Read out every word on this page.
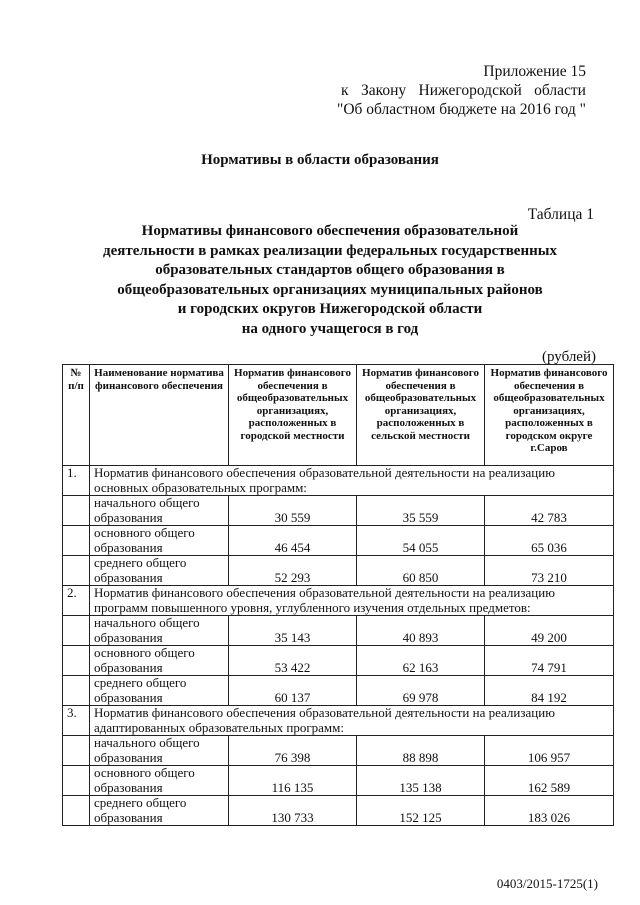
Приложение 15
к Закону Нижегородской области
"Об областном бюджете на 2016 год "
Нормативы в области образования
Таблица 1
Нормативы финансового обеспечения образовательной
деятельности в рамках реализации федеральных государственных
образовательных стандартов общего образования в
общеобразовательных организациях муниципальных районов
и городских округов Нижегородской области
на одного учащегося в год
(рублей)
№ п/п	Наименование норматива финансового обеспечения	Норматив финансового обеспечения в общеобразовательных организациях, расположенных в городской местности	Норматив финансового обеспечения в общеобразовательных организациях, расположенных в сельской местности	Норматив финансового обеспечения в общеобразовательных организациях, расположенных в городском округе г.Саров
1.	Норматив финансового обеспечения образовательной деятельности на реализацию основных образовательных программ:			

	начального общего
образования	30 559	35 559	42 783

	основного общего
образования	46 454	54 055	65 036

	среднего общего
образования	52 293	60 850	73 210
2.	Норматив финансового обеспечения образовательной деятельности на реализацию программ повышенного уровня, углубленного изучения отдельных предметов:			

	начального общего
образования	35 143	40 893	49 200

	основного общего
образования	53 422	62 163	74 791

	среднего общего
образования	60 137	69 978	84 192
3.	Норматив финансового обеспечения образовательной деятельности на реализацию адаптированных образовательных программ:			

	начального общего
образования	76 398	88 898	106 957

	основного общего
образования	116 135	135 138	162 589

	среднего общего
образования	130 733	152 125	183 026
0403/2015-1725(1)
